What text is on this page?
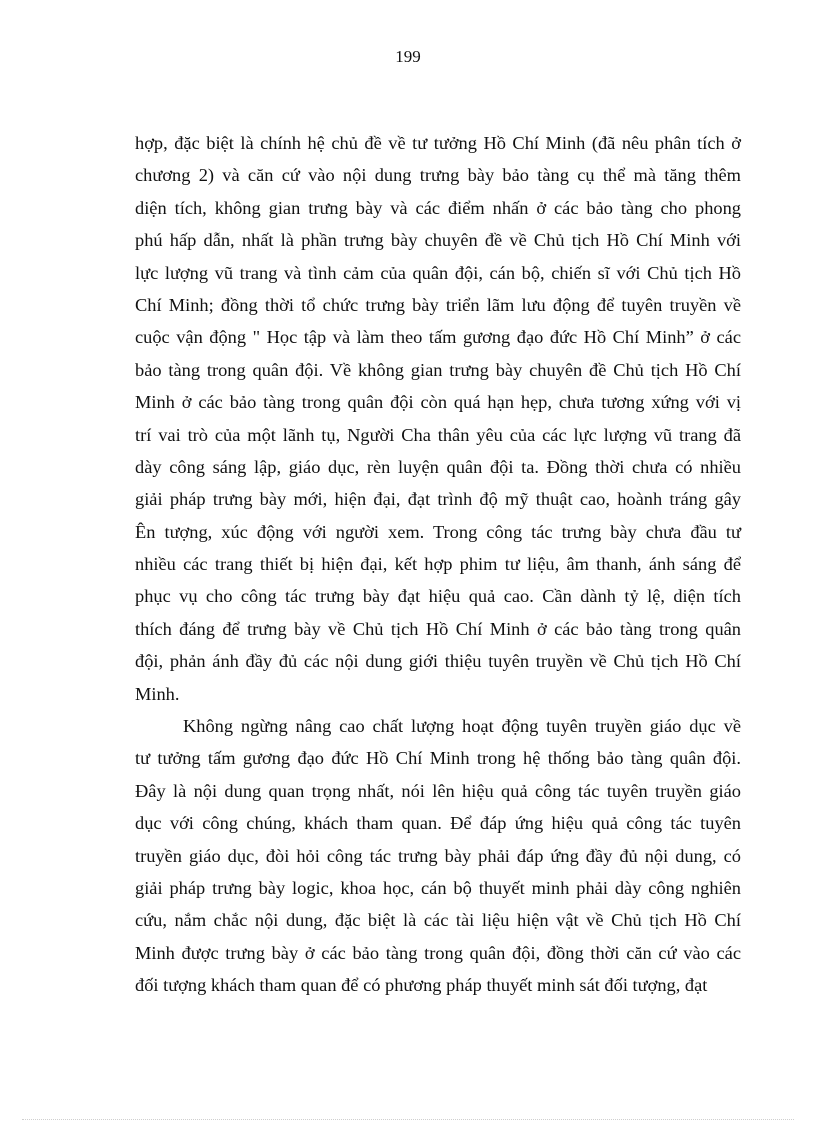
199
hợp, đặc biệt là chính hệ chủ đề về tư tưởng Hồ Chí Minh (đã nêu phân tích ở
chương 2) và căn cứ vào nội dung trưng bày bảo tàng cụ thể mà tăng thêm
diện tích, không gian trưng bày và các điểm nhấn ở các bảo tàng cho phong
phú hấp dẫn, nhất là phần trưng bày chuyên đề về Chủ tịch Hồ Chí Minh với
lực lượng vũ trang và tình cảm của quân đội, cán bộ, chiến sĩ với Chủ tịch Hồ
Chí Minh; đồng thời tổ chức trưng bày triển lãm lưu động để tuyên truyền về
cuộc vận động " Học tập và làm theo tấm gương đạo đức Hồ Chí Minh” ở các
bảo tàng trong quân đội. Về không gian trưng bày chuyên đề Chủ tịch Hồ Chí
Minh ở các bảo tàng trong quân đội còn quá hạn hẹp, chưa tương xứng với vị
trí vai trò của một lãnh tụ, Người Cha thân yêu của các lực lượng vũ trang đã
dày công sáng lập, giáo dục, rèn luyện quân đội ta. Đồng thời chưa có nhiều
giải pháp trưng bày mới, hiện đại, đạt trình độ mỹ thuật cao, hoành tráng gây
Ên tượng, xúc động với người xem. Trong công tác trưng bày chưa đầu tư
nhiều các trang thiết bị hiện đại, kết hợp phim tư liệu, âm thanh, ánh sáng để
phục vụ cho công tác trưng bày đạt hiệu quả cao. Cần dành tỷ lệ, diện tích
thích đáng để trưng bày về Chủ tịch Hồ Chí Minh ở các bảo tàng trong quân
đội, phản ánh đầy đủ các nội dung giới thiệu tuyên truyền về Chủ tịch Hồ Chí
Minh.
Không ngừng nâng cao chất lượng hoạt động tuyên truyền giáo dục về
tư tưởng tấm gương đạo đức Hồ Chí Minh trong hệ thống bảo tàng quân đội.
Đây là nội dung quan trọng nhất, nói lên hiệu quả công tác tuyên truyền giáo
dục với công chúng, khách tham quan. Để đáp ứng hiệu quả công tác tuyên
truyền giáo dục, đòi hỏi công tác trưng bày phải đáp ứng đầy đủ nội dung, có
giải pháp trưng bày logic, khoa học, cán bộ thuyết minh phải dày công nghiên
cứu, nắm chắc nội dung, đặc biệt là các tài liệu hiện vật về Chủ tịch Hồ Chí
Minh được trưng bày ở các bảo tàng trong quân đội, đồng thời căn cứ vào các
đối tượng khách tham quan để có phương pháp thuyết minh sát đối tượng, đạt
